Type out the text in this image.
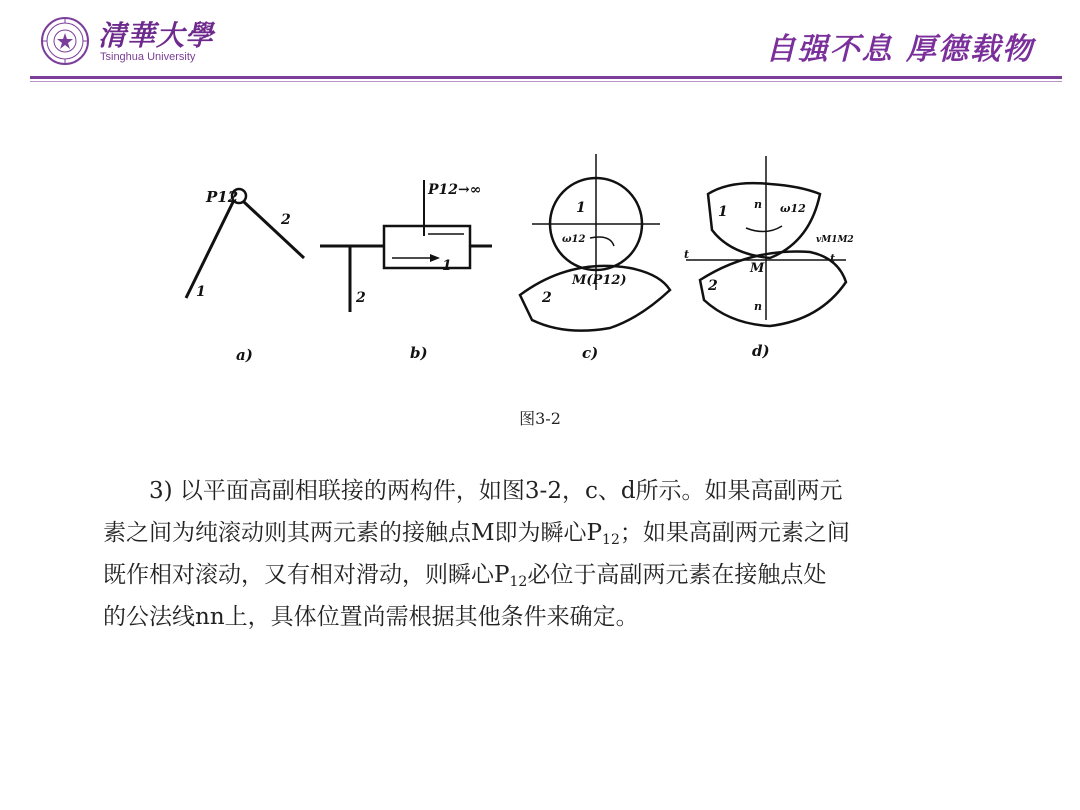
清華大學
Tsinghua University	自强不息 厚德载物
P12
1
2
a)
P12→∞
1
2
b)
1
2
ω12
M(P12)
c)
1
2
n
n
ω12
t	t
M
vM1M2
d)
图3-2
3) 以平面高副相联接的两构件，如图3-2，c、d所示。如果高副两元
素之间为纯滚动则其两元素的接触点M即为瞬心$P_{12}$；如果高副两元素之间
既作相对滚动，又有相对滑动，则瞬心$P_{12}$必位于高副两元素在接触点处
的公法线nn上，具体位置尚需根据其他条件来确定。
